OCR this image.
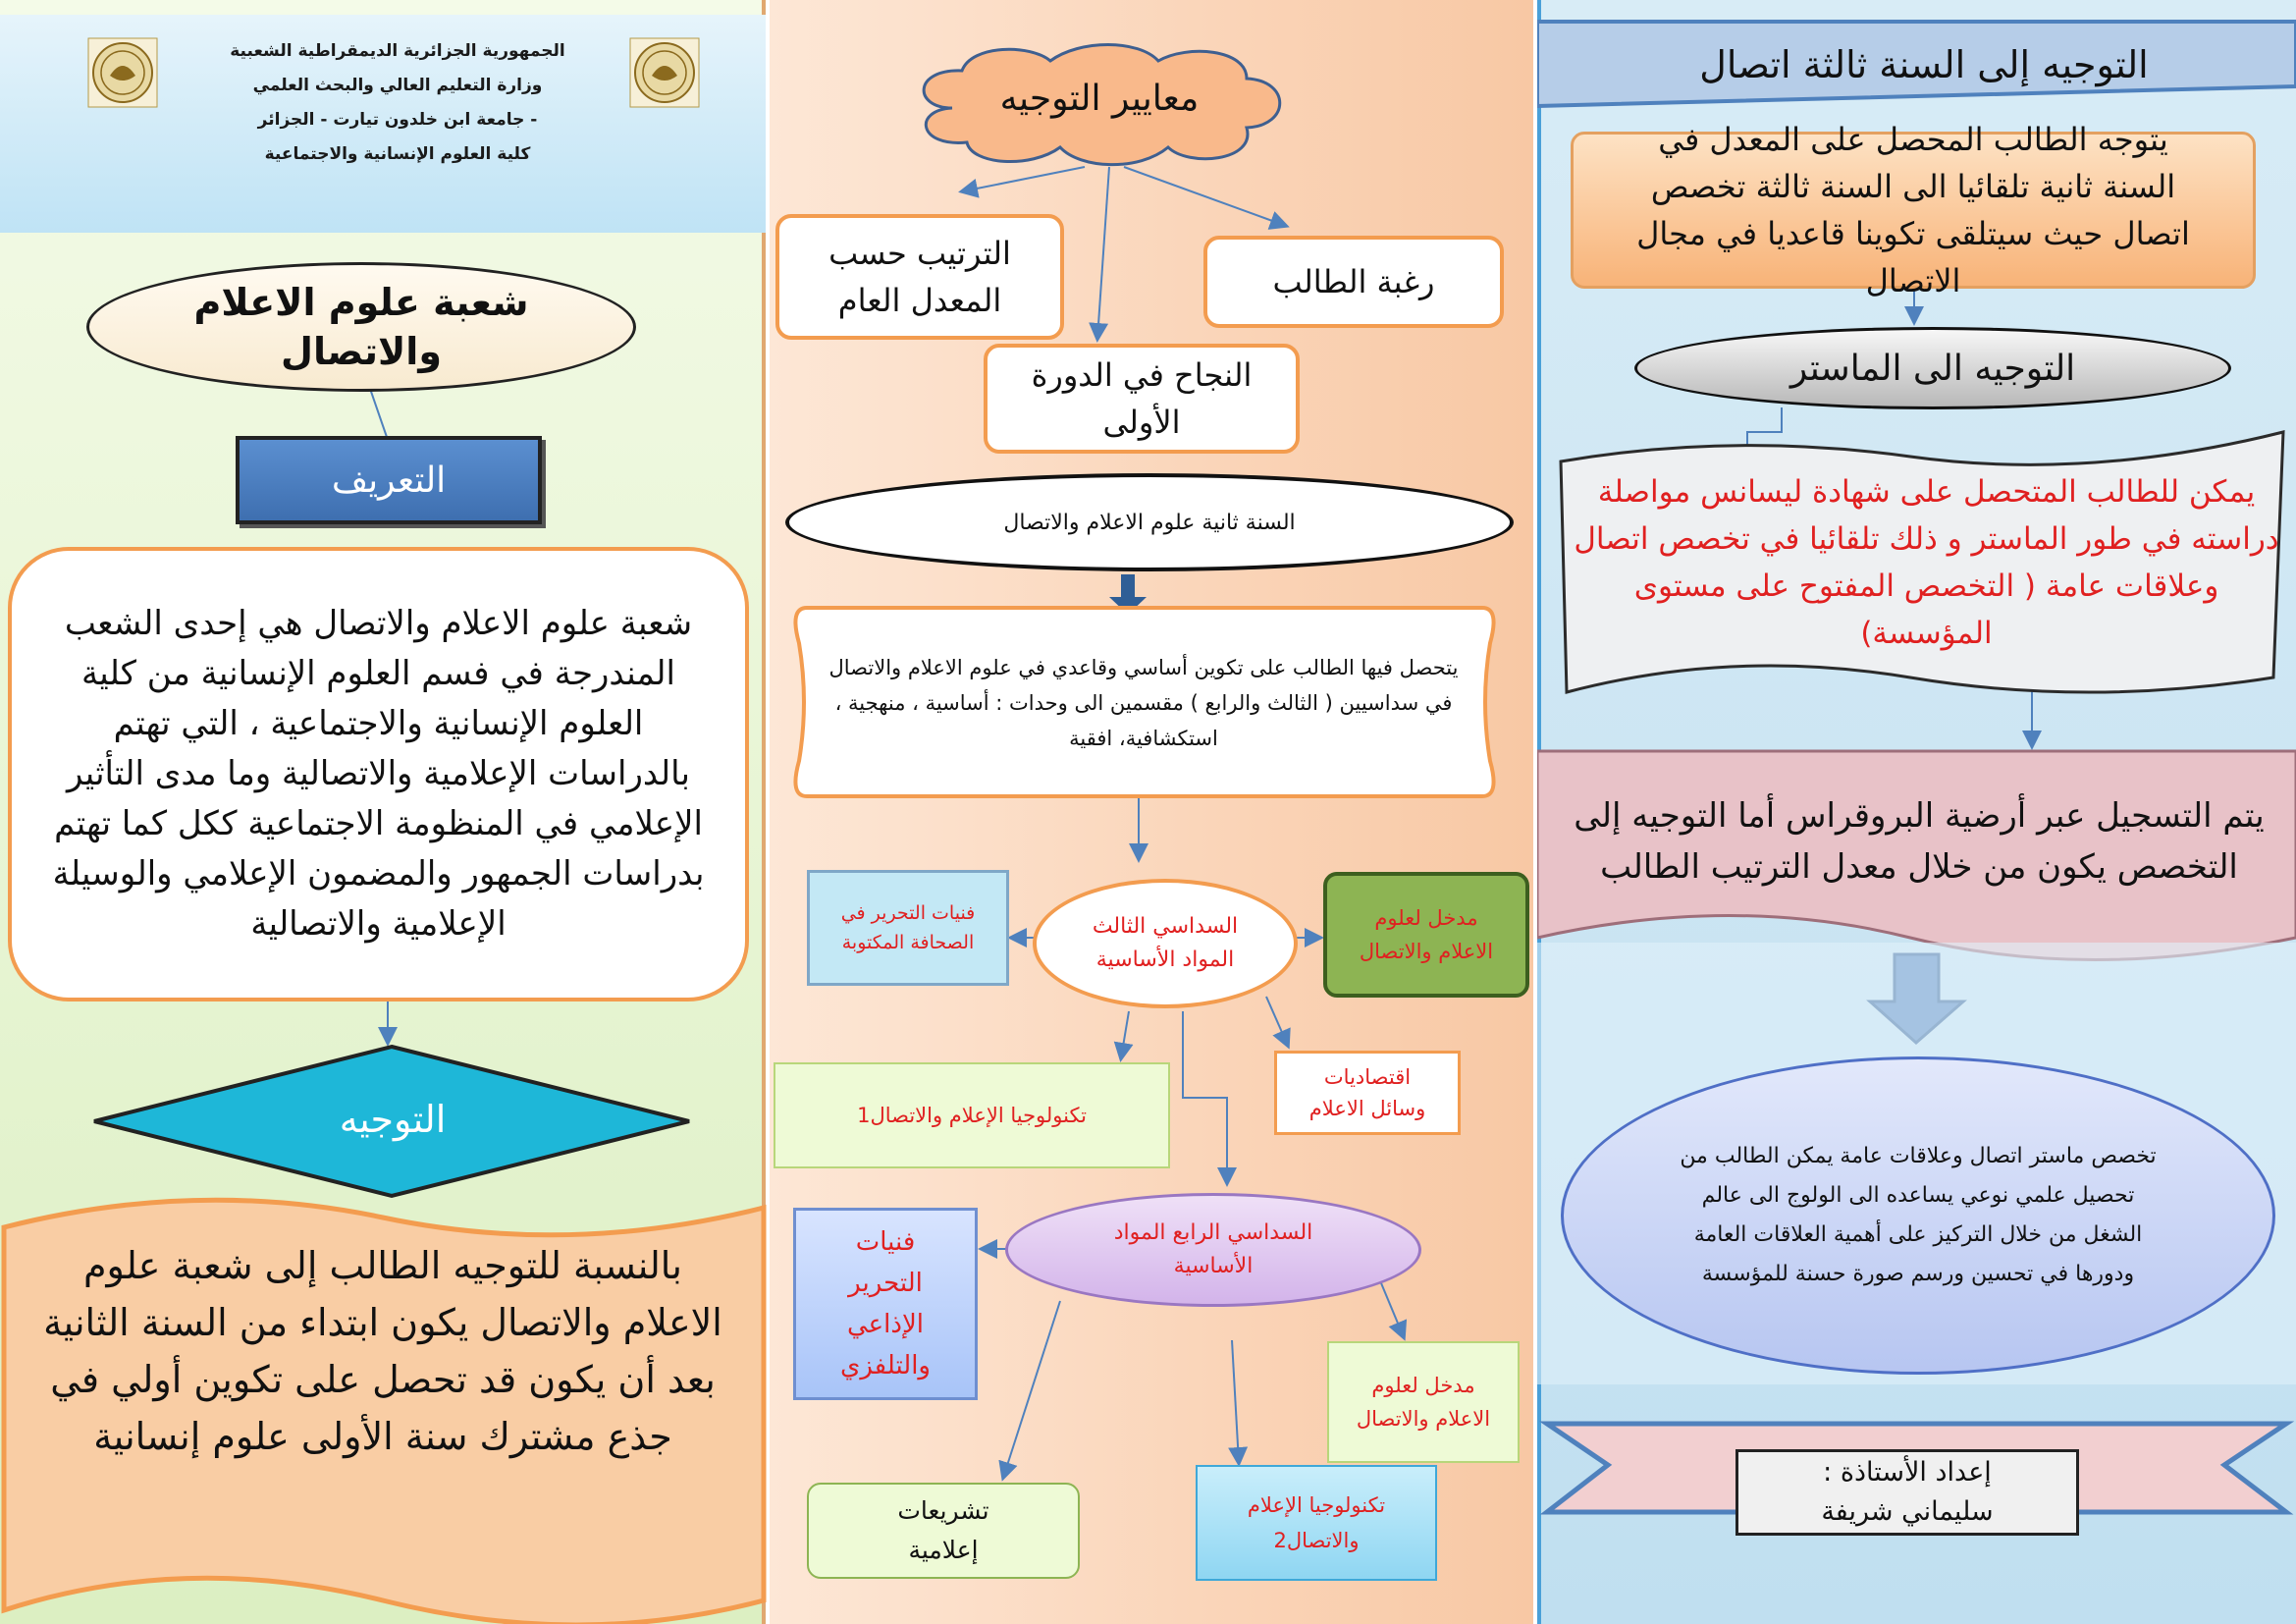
الجمهورية الجزائرية الديمقراطية الشعبية
وزارة التعليم العالي والبحث العلمي
- جامعة ابن خلدون تيارت - الجزائر
كلية العلوم الإنسانية والاجتماعية
شعبة علوم الاعلام والاتصال
التعريف
شعبة علوم الاعلام والاتصال هي إحدى الشعب المندرجة في فسم العلوم الإنسانية من كلية العلوم الإنسانية والاجتماعية ، التي تهتم بالدراسات الإعلامية والاتصالية وما مدى التأثير الإعلامي في المنظومة الاجتماعية ككل كما تهتم بدراسات الجمهور والمضمون الإعلامي والوسيلة الإعلامية والاتصالية
التوجيه
بالنسبة للتوجيه الطالب إلى شعبة علوم الاعلام والاتصال يكون ابتداء من السنة الثانية بعد أن يكون قد تحصل على تكوين أولي في جذع مشترك سنة الأولى علوم إنسانية
معايير التوجيه
الترتيب حسب المعدل العام	رغبة الطالب
النجاح في الدورة الأولى
السنة ثانية علوم الاعلام والاتصال
يتحصل فيها الطالب على تكوين أساسي وقاعدي في علوم الاعلام والاتصال في سداسيين ( الثالث والرابع ) مقسمين الى وحدات : أساسية ، منهجية ، استكشافية، افقية
فنيات التحرير في الصحافة المكتوبة
السداسي الثالث المواد الأساسية
مدخل لعلوم الاعلام والاتصال
تكنولوجيا الإعلام والاتصال1
اقتصاديات وسائل الاعلام
فنيات التحرير الإذاعي والتلفزي
السداسي الرابع المواد الأساسية
مدخل لعلوم الاعلام والاتصال
تشريعات إعلامية
تكنولوجيا الإعلام والاتصال2
التوجيه إلى السنة ثالثة اتصال
يتوجه الطالب المحصل على المعدل في السنة ثانية تلقائيا الى السنة ثالثة تخصص اتصال حيث سيتلقى تكوينا قاعديا في مجال الاتصال
التوجيه الى الماستر
يمكن للطالب المتحصل على شهادة ليسانس مواصلة دراسته في طور الماستر و ذلك تلقائيا في تخصص اتصال وعلاقات عامة ( التخصص المفتوح على مستوى المؤسسة)
يتم التسجيل عبر أرضية البروقراس أما التوجيه إلى التخصص يكون من خلال معدل الترتيب الطالب
تخصص ماستر اتصال وعلاقات عامة يمكن الطالب من تحصيل علمي نوعي يساعده الى الولوج الى عالم الشغل من خلال التركيز على أهمية العلاقات العامة ودورها في تحسين ورسم صورة حسنة للمؤسسة
إعداد الأستاذة : سليماني شريفة
